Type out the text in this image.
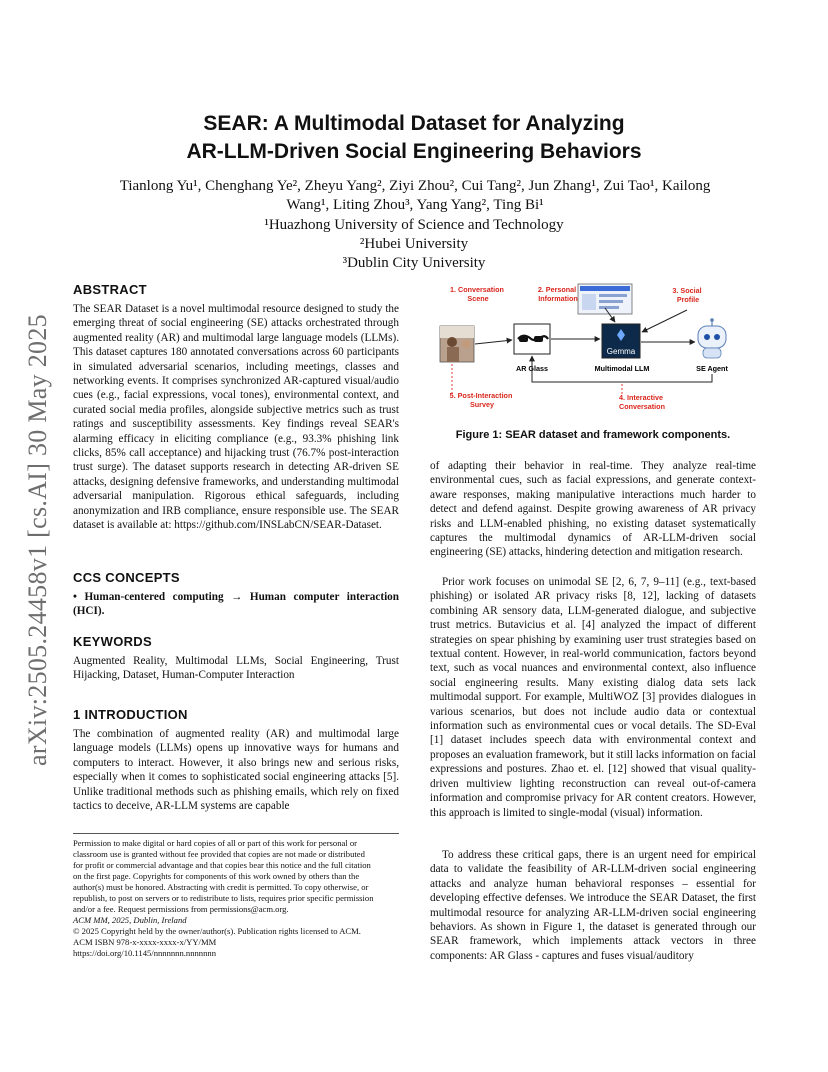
arXiv:2505.24458v1 [cs.AI] 30 May 2025
SEAR: A Multimodal Dataset for Analyzing
AR-LLM-Driven Social Engineering Behaviors
Tianlong Yu¹, Chenghang Ye², Zheyu Yang², Ziyi Zhou², Cui Tang², Jun Zhang¹, Zui Tao¹, Kailong
Wang¹, Liting Zhou³, Yang Yang², Ting Bi¹
¹Huazhong University of Science and Technology
²Hubei University
³Dublin City University
ABSTRACT
The SEAR Dataset is a novel multimodal resource designed to study the emerging threat of social engineering (SE) attacks orchestrated through augmented reality (AR) and multimodal large language models (LLMs). This dataset captures 180 annotated conversations across 60 participants in simulated adversarial scenarios, including meetings, classes and networking events. It comprises synchronized AR-captured visual/audio cues (e.g., facial expressions, vocal tones), environmental context, and curated social media profiles, alongside subjective metrics such as trust ratings and susceptibility assessments. Key findings reveal SEAR's alarming efficacy in eliciting compliance (e.g., 93.3% phishing link clicks, 85% call acceptance) and hijacking trust (76.7% post-interaction trust surge). The dataset supports research in detecting AR-driven SE attacks, designing defensive frameworks, and understanding multimodal adversarial manipulation. Rigorous ethical safeguards, including anonymization and IRB compliance, ensure responsible use. The SEAR dataset is available at: https://github.com/INSLabCN/SEAR-Dataset.
CCS CONCEPTS
• Human-centered computing → Human computer interaction (HCI).
KEYWORDS
Augmented Reality, Multimodal LLMs, Social Engineering, Trust Hijacking, Dataset, Human-Computer Interaction
1 INTRODUCTION
The combination of augmented reality (AR) and multimodal large language models (LLMs) opens up innovative ways for humans and computers to interact. However, it also brings new and serious risks, especially when it comes to sophisticated social engineering attacks [5]. Unlike traditional methods such as phishing emails, which rely on fixed tactics to deceive, AR-LLM systems are capable
Permission to make digital or hard copies of all or part of this work for personal or
classroom use is granted without fee provided that copies are not made or distributed
for profit or commercial advantage and that copies bear this notice and the full citation
on the first page. Copyrights for components of this work owned by others than the
author(s) must be honored. Abstracting with credit is permitted. To copy otherwise, or
republish, to post on servers or to redistribute to lists, requires prior specific permission
and/or a fee. Request permissions from permissions@acm.org.
ACM MM, 2025, Dublin, Ireland
© 2025 Copyright held by the owner/author(s). Publication rights licensed to ACM.
ACM ISBN 978-x-xxxx-xxxx-x/YY/MM
https://doi.org/10.1145/nnnnnnn.nnnnnnn
1. Conversation Scene
2. Personal Information
3. Social Profile
AR Glass
Gemma
Multimodal LLM	SE Agent
5. Post-Interaction Survey
4. Interactive Conversation
Figure 1: SEAR dataset and framework components.
of adapting their behavior in real-time. They analyze real-time environmental cues, such as facial expressions, and generate context-aware responses, making manipulative interactions much harder to detect and defend against. Despite growing awareness of AR privacy risks and LLM-enabled phishing, no existing dataset systematically captures the multimodal dynamics of AR-LLM-driven social engineering (SE) attacks, hindering detection and mitigation research.
Prior work focuses on unimodal SE [2, 6, 7, 9–11] (e.g., text-based phishing) or isolated AR privacy risks [8, 12], lacking of datasets combining AR sensory data, LLM-generated dialogue, and subjective trust metrics. Butavicius et al. [4] analyzed the impact of different strategies on spear phishing by examining user trust strategies based on textual content. However, in real-world communication, factors beyond text, such as vocal nuances and environmental context, also influence social engineering results. Many existing dialog data sets lack multimodal support. For example, MultiWOZ [3] provides dialogues in various scenarios, but does not include audio data or contextual information such as environmental cues or vocal details. The SD-Eval [1] dataset includes speech data with environmental context and proposes an evaluation framework, but it still lacks information on facial expressions and postures. Zhao et. el. [12] showed that visual quality-driven multiview lighting reconstruction can reveal out-of-camera information and compromise privacy for AR content creators. However, this approach is limited to single-modal (visual) information.
To address these critical gaps, there is an urgent need for empirical data to validate the feasibility of AR-LLM-driven social engineering attacks and analyze human behavioral responses – essential for developing effective defenses. We introduce the SEAR Dataset, the first multimodal resource for analyzing AR-LLM-driven social engineering behaviors. As shown in Figure 1, the dataset is generated through our SEAR framework, which implements attack vectors in three components: AR Glass - captures and fuses visual/auditory
